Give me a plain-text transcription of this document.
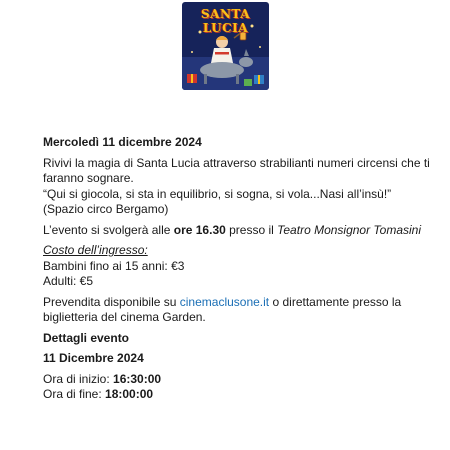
SANTA LUCIA

Mercoledì 11 dicembre 2024

Rivivi la magia di Santa Lucia attraverso strabilianti numeri circensi che ti faranno sognare.

“Qui si giocola, si sta in equilibrio, si sogna, si vola...Nasi all’insù!”

(Spazio circo Bergamo)

L’evento si svolgerà alle ore 16.30 presso il Teatro Monsignor Tomasini

Costo dell’ingresso:

Bambini fino ai 15 anni: €3

Adulti: €5

Prevendita disponibile su cinemaclusone.it o direttamente presso la biglietteria del cinema Garden.

Dettagli evento

11 Dicembre 2024

Ora di inizio: 16:30:00

Ora di fine: 18:00:00
